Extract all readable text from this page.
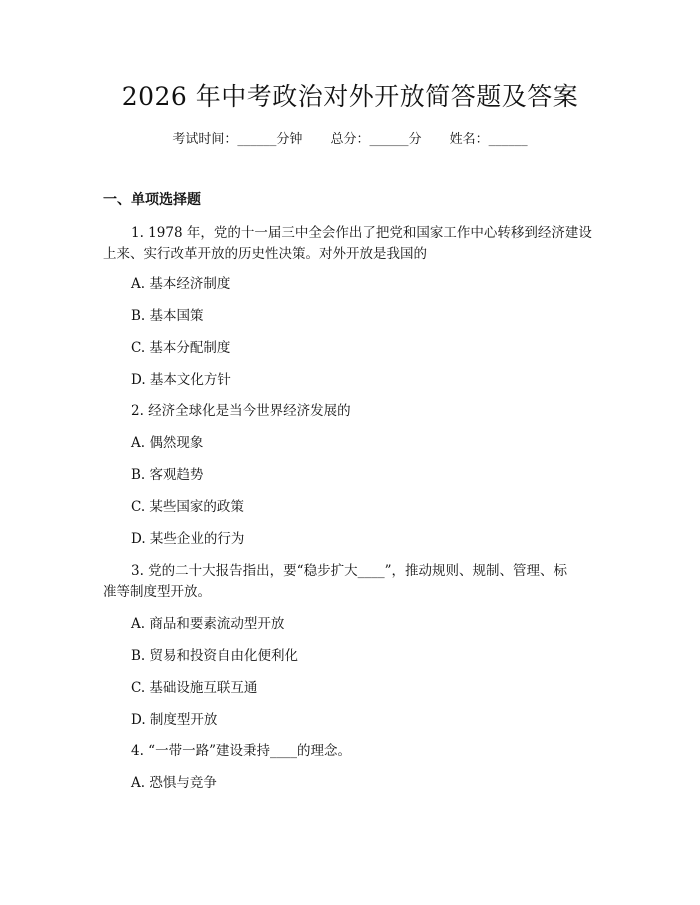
2026 年中考政治对外开放简答题及答案
考试时间：______分钟 总分：______分 姓名：______
一、单项选择题
1. 1978 年，党的十一届三中全会作出了把党和国家工作中心转移到经济建设
上来、实行改革开放的历史性决策。对外开放是我国的
A. 基本经济制度
B. 基本国策
C. 基本分配制度
D. 基本文化方针
2. 经济全球化是当今世界经济发展的
A. 偶然现象
B. 客观趋势
C. 某些国家的政策
D. 某些企业的行为
3. 党的二十大报告指出，要“稳步扩大____”，推动规则、规制、管理、标
准等制度型开放。
A. 商品和要素流动型开放
B. 贸易和投资自由化便利化
C. 基础设施互联互通
D. 制度型开放
4. “一带一路”建设秉持____的理念。
A. 恐惧与竞争
